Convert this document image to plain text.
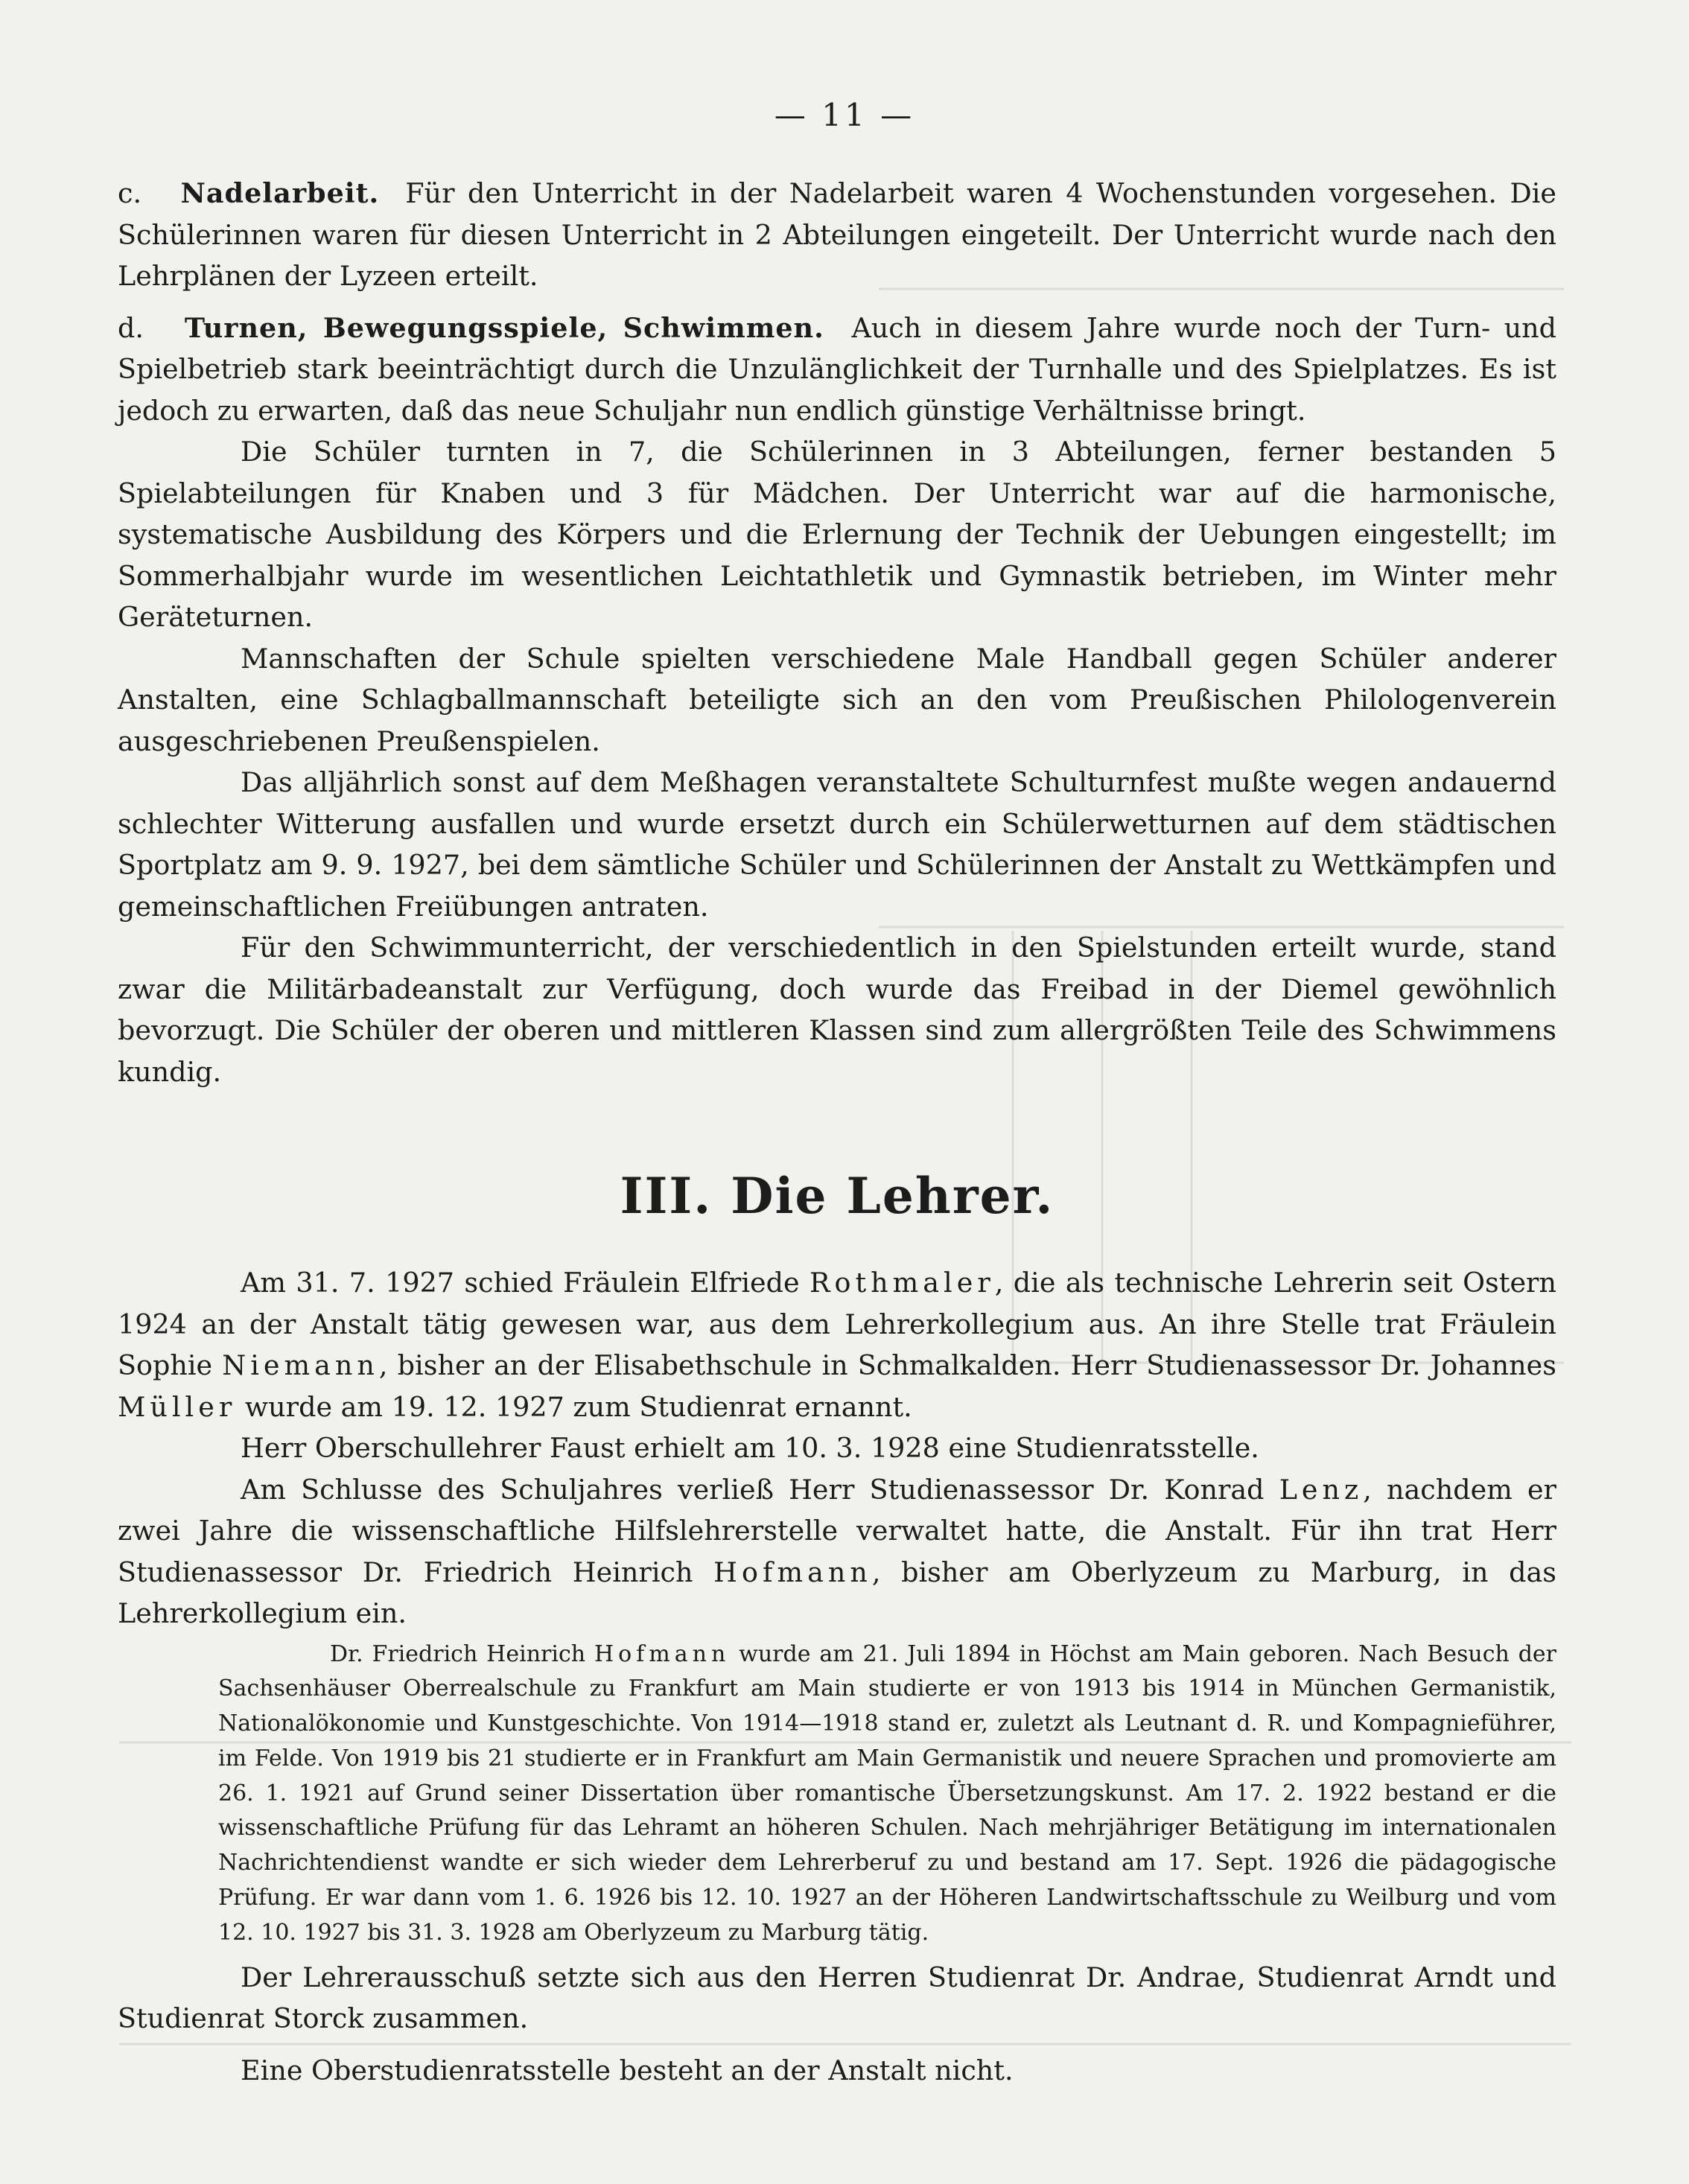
— 11 —

c. Nadelarbeit. Für den Unterricht in der Nadelarbeit waren 4 Wochenstunden vorgesehen. Die Schülerinnen waren für diesen Unterricht in 2 Abteilungen eingeteilt. Der Unterricht wurde nach den Lehrplänen der Lyzeen erteilt.

d. Turnen, Bewegungsspiele, Schwimmen. Auch in diesem Jahre wurde noch der Turn- und Spielbetrieb stark beeinträchtigt durch die Unzulänglichkeit der Turnhalle und des Spielplatzes. Es ist jedoch zu erwarten, daß das neue Schuljahr nun endlich günstige Verhältnisse bringt.

Die Schüler turnten in 7, die Schülerinnen in 3 Abteilungen, ferner bestanden 5 Spielabteilungen für Knaben und 3 für Mädchen. Der Unterricht war auf die harmonische, systematische Ausbildung des Körpers und die Erlernung der Technik der Uebungen eingestellt; im Sommerhalbjahr wurde im wesentlichen Leichtathletik und Gymnastik betrieben, im Winter mehr Geräteturnen.

Mannschaften der Schule spielten verschiedene Male Handball gegen Schüler anderer Anstalten, eine Schlagballmannschaft beteiligte sich an den vom Preußischen Philologenverein ausgeschriebenen Preußenspielen.

Das alljährlich sonst auf dem Meßhagen veranstaltete Schulturnfest mußte wegen andauernd schlechter Witterung ausfallen und wurde ersetzt durch ein Schülerwetturnen auf dem städtischen Sportplatz am 9. 9. 1927, bei dem sämtliche Schüler und Schülerinnen der Anstalt zu Wettkämpfen und gemeinschaftlichen Freiübungen antraten.

Für den Schwimmunterricht, der verschiedentlich in den Spielstunden erteilt wurde, stand zwar die Militärbadeanstalt zur Verfügung, doch wurde das Freibad in der Diemel gewöhnlich bevorzugt. Die Schüler der oberen und mittleren Klassen sind zum allergrößten Teile des Schwimmens kundig.

III. Die Lehrer.

Am 31. 7. 1927 schied Fräulein Elfriede Rothmaler, die als technische Lehrerin seit Ostern 1924 an der Anstalt tätig gewesen war, aus dem Lehrerkollegium aus. An ihre Stelle trat Fräulein Sophie Niemann, bisher an der Elisabethschule in Schmalkalden. Herr Studienassessor Dr. Johannes Müller wurde am 19. 12. 1927 zum Studienrat ernannt.

Herr Oberschullehrer Faust erhielt am 10. 3. 1928 eine Studienratsstelle.

Am Schlusse des Schuljahres verließ Herr Studienassessor Dr. Konrad Lenz, nachdem er zwei Jahre die wissenschaftliche Hilfslehrerstelle verwaltet hatte, die Anstalt. Für ihn trat Herr Studienassessor Dr. Friedrich Heinrich Hofmann, bisher am Oberlyzeum zu Marburg, in das Lehrerkollegium ein.

Dr. Friedrich Heinrich Hofmann wurde am 21. Juli 1894 in Höchst am Main geboren. Nach Besuch der Sachsenhäuser Oberrealschule zu Frankfurt am Main studierte er von 1913 bis 1914 in München Germanistik, Nationalökonomie und Kunstgeschichte. Von 1914—1918 stand er, zuletzt als Leutnant d. R. und Kompagnieführer, im Felde. Von 1919 bis 21 studierte er in Frankfurt am Main Germanistik und neuere Sprachen und promovierte am 26. 1. 1921 auf Grund seiner Dissertation über romantische Übersetzungskunst. Am 17. 2. 1922 bestand er die wissenschaftliche Prüfung für das Lehramt an höheren Schulen. Nach mehrjähriger Betätigung im internationalen Nachrichtendienst wandte er sich wieder dem Lehrerberuf zu und bestand am 17. Sept. 1926 die pädagogische Prüfung. Er war dann vom 1. 6. 1926 bis 12. 10. 1927 an der Höheren Landwirtschaftsschule zu Weilburg und vom 12. 10. 1927 bis 31. 3. 1928 am Oberlyzeum zu Marburg tätig.

Der Lehrerausschuß setzte sich aus den Herren Studienrat Dr. Andrae, Studienrat Arndt und Studienrat Storck zusammen.

Eine Oberstudienratsstelle besteht an der Anstalt nicht.
